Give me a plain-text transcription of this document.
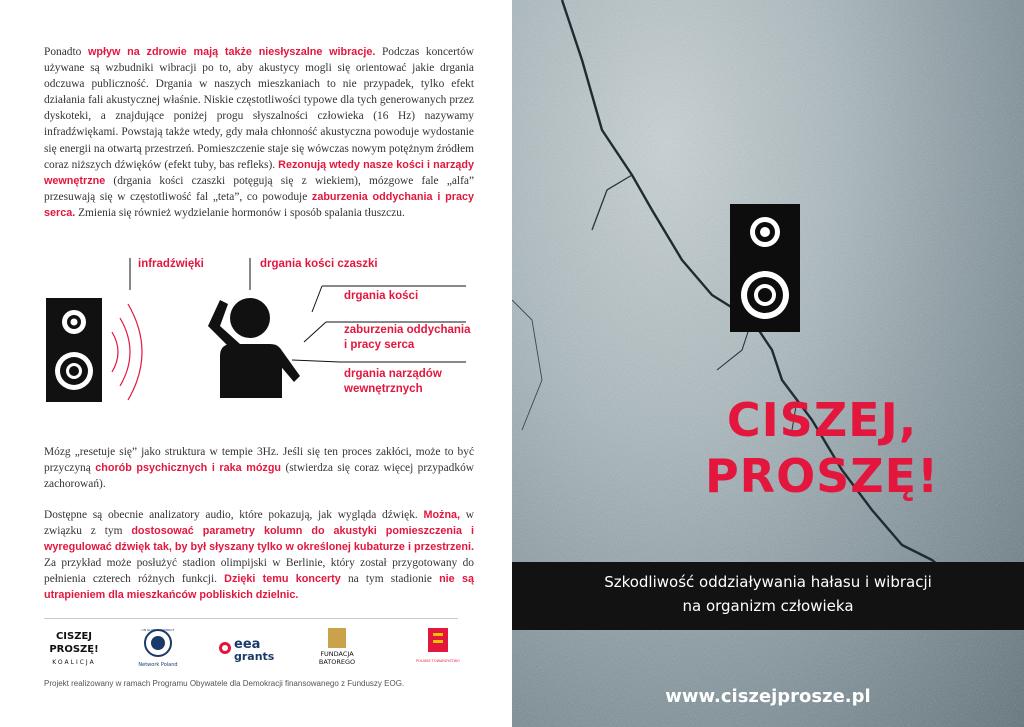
Ponadto wpływ na zdrowie mają także niesłyszalne wibracje. Podczas koncertów używane są wzbudniki wibracji po to, aby akustycy mogli się orientować jakie drgania odczuwa publiczność. Drgania w naszych mieszkaniach to nie przypadek, tylko efekt działania fali akustycznej właśnie. Niskie częstotliwości typowe dla tych generowanych przez dyskoteki, a znajdujące poniżej progu słyszalności człowieka (16 Hz) nazywamy infradźwiękami. Powstają także wtedy, gdy mała chłonność akustyczna powoduje wydostanie się energii na otwartą przestrzeń. Pomieszczenie staje się wówczas nowym potężnym źródłem coraz niższych dźwięków (efekt tuby, bas refleks). Rezonują wtedy nasze kości i narządy wewnętrzne (drgania kości czaszki potęgują się z wiekiem), mózgowe fale „alfa” przesuwają się w częstotliwość fal „teta”, co powoduje zaburzenia oddychania i pracy serca. Zmienia się również wydzielanie hormonów i sposób spalania tłuszczu.
infradźwięki	drgania kości czaszki
drgania kości
zaburzenia oddychania i pracy serca
drgania narządów wewnętrznych
Mózg „resetuje się” jako struktura w tempie 3Hz. Jeśli się ten proces zakłóci, może to być przyczyną chorób psychicznych i raka mózgu (stwierdza się coraz więcej przypadków zachorowań).
Dostępne są obecnie analizatory audio, które pokazują, jak wygląda dźwięk. Można, w związku z tym dostosować parametry kolumn do akustyki pomieszczenia i wyregulować dźwięk tak, by był słyszany tylko w określonej kubaturze i przestrzeni. Za przykład może posłużyć stadion olimpijski w Berlinie, który został przygotowany do pełnienia czterech różnych funkcji. Dzięki temu koncerty na tym stadionie nie są utrapieniem dla mieszkańców pobliskich dzielnic.
CISZEJ
PROSZĘ!
KOALICJA
UN GLOBAL COMPACT
Network Poland
eea
grants	FUNDACJA
BATOREGO	POLSKIE TOWARZYSTWO
Projekt realizowany w ramach Programu Obywatele dla Demokracji finansowanego z Funduszy EOG.
CISZEJ,
PROSZĘ!
Szkodliwość oddziaływania hałasu i wibracji
na organizm człowieka
www.ciszejprosze.pl
